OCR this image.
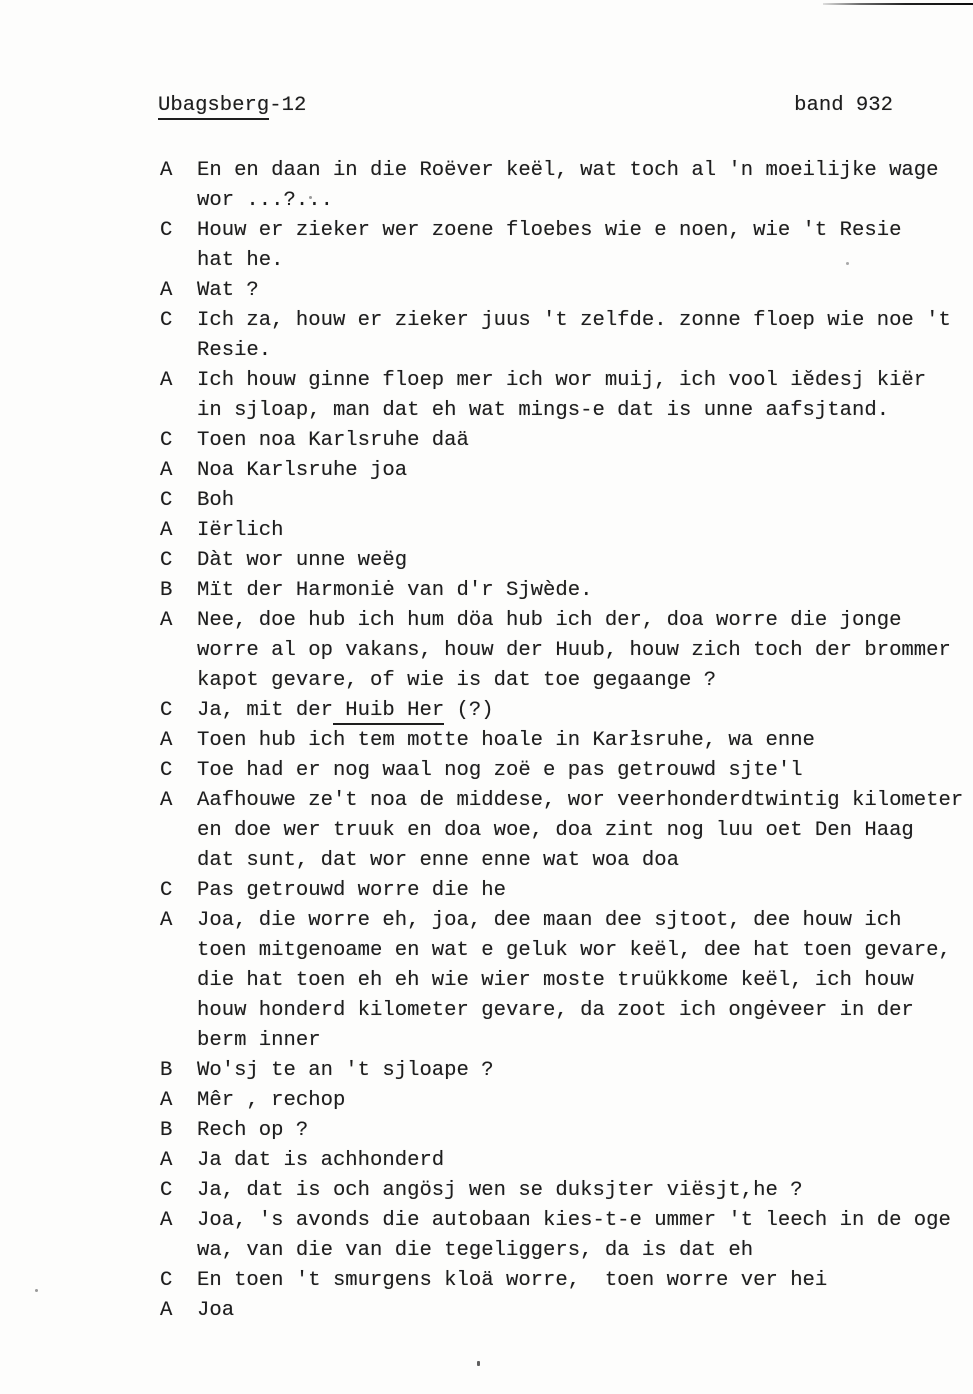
Ubagsberg-12	band 932
A	En en daan in die Roëver keël, wat toch al 'n moeilijke wage
wor ...?...
C	Houw er zieker wer zoene floebes wie e noen, wie 't Resie
hat he.
A	Wat ?
C	Ich za, houw er zieker juus 't zelfde. zonne floep wie noe 't
Resie.
A	Ich houw ginne floep mer ich wor muij, ich vool iĕdesj kiër
in sjloap, man dat eh wat mings-e dat is unne aafsjtand.
C	Toen noa Karlsruhe daä
A	Noa Karlsruhe joa
C	Boh
A	Iërlich
C	Dàt wor unne weëg
B	Mït der Harmoniė van d'r Sjwède.
A	Nee, doe hub ich hum döa hub ich der, doa worre die jonge
worre al op vakans, houw der Huub, houw zich toch der brommer
kapot gevare, of wie is dat toe gegaange ?
C	Ja, mit der Huib Her (?)
A	Toen hub ich tem motte hoale in Karłsruhe, wa enne
C	Toe had er nog waal nog zoë e pas getrouwd sjte'l
A	Aafhouwe ze't noa de middese, wor veerhonderdtwintig kilometer
en doe wer truuk en doa woe, doa zint nog luu oet Den Haag
dat sunt, dat wor enne enne wat woa doa
C	Pas getrouwd worre die he
A	Joa, die worre eh, joa, dee maan dee sjtoot, dee houw ich
toen mitgenoame en wat e geluk wor keël, dee hat toen gevare,
die hat toen eh eh wie wier moste truükkome keël, ich houw
houw honderd kilometer gevare, da zoot ich ongėveer in der
berm inner
B	Wo'sj te an 't sjloape ?
A	Mêr , rechop
B	Rech op ?
A	Ja dat is achhonderd
C	Ja, dat is och angösj wen se duksjter viësjt,he ?
A	Joa, 's avonds die autobaan kies-t-e ummer 't leech in de oge
wa, van die van die tegeliggers, da is dat eh
C	En toen 't smurgens kloä worre,  toen worre ver hei
A	Joa
